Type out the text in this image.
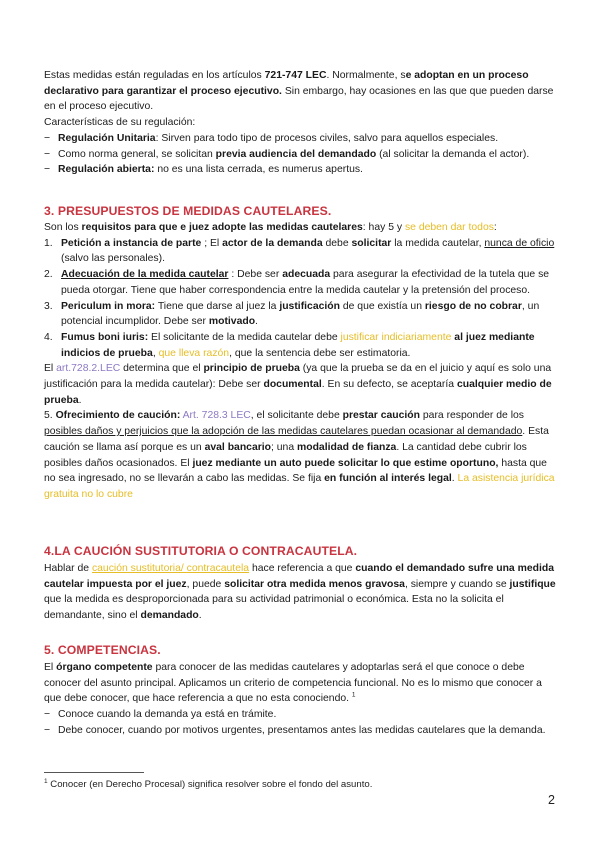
Estas medidas están reguladas en los artículos 721-747 LEC. Normalmente, se adoptan en un proceso declarativo para garantizar el proceso ejecutivo. Sin embargo, hay ocasiones en las que que pueden darse en el proceso ejecutivo.

Características de su regulación:

− Regulación Unitaria: Sirven para todo tipo de procesos civiles, salvo para aquellos especiales.
− Como norma general, se solicitan previa audiencia del demandado (al solicitar la demanda el actor).
− Regulación abierta: no es una lista cerrada, es numerus apertus.
3. PRESUPUESTOS DE MEDIDAS CAUTELARES.

Son los requisitos para que e juez adopte las medidas cautelares: hay 5 y se deben dar todos:

1. Petición a instancia de parte ; El actor de la demanda debe solicitar la medida cautelar, nunca de oficio (salvo las personales).
2. Adecuación de la medida cautelar : Debe ser adecuada para asegurar la efectividad de la tutela que se pueda otorgar. Tiene que haber correspondencia entre la medida cautelar y la pretensión del proceso.
3. Periculum in mora: Tiene que darse al juez la justificación de que existía un riesgo de no cobrar, un potencial incumplidor. Debe ser motivado.
4. Fumus boni iuris: El solicitante de la medida cautelar debe justificar indiciariamente al juez mediante indicios de prueba, que lleva razón, que la sentencia debe ser estimatoria.

El art.728.2.LEC determina que el principio de prueba (ya que la prueba se da en el juicio y aquí es solo una justificación para la medida cautelar): Debe ser documental. En su defecto, se aceptaría cualquier medio de prueba.

5. Ofrecimiento de caución: Art. 728.3 LEC, el solicitante debe prestar caución para responder de los posibles daños y perjuicios que la adopción de las medidas cautelares puedan ocasionar al demandado. Esta caución se llama así porque es un aval bancario; una modalidad de fianza. La cantidad debe cubrir los posibles daños ocasionados. El juez mediante un auto puede solicitar lo que estime oportuno, hasta que no sea ingresado, no se llevarán a cabo las medidas. Se fija en función al interés legal. La asistencia jurídica gratuita no lo cubre

4.LA CAUCIÓN SUSTITUTORIA O CONTRACAUTELA.

Hablar de caución sustitutoria/ contracautela hace referencia a que cuando el demandado sufre una medida cautelar impuesta por el juez, puede solicitar otra medida menos gravosa, siempre y cuando se justifique que la medida es desproporcionada para su actividad patrimonial o económica. Esta no la solicita el demandante, sino el demandado.

5. COMPETENCIAS.

El órgano competente para conocer de las medidas cautelares y adoptarlas será el que conoce o debe conocer del asunto principal. Aplicamos un criterio de competencia funcional. No es lo mismo que conocer a que debe conocer, que hace referencia a que no esta conociendo. $^1$

− Conoce cuando la demanda ya está en trámite.
− Debe conocer, cuando por motivos urgentes, presentamos antes las medidas cautelares que la demanda.
$^1$ Conocer (en Derecho Procesal) significa resolver sobre el fondo del asunto.
2
